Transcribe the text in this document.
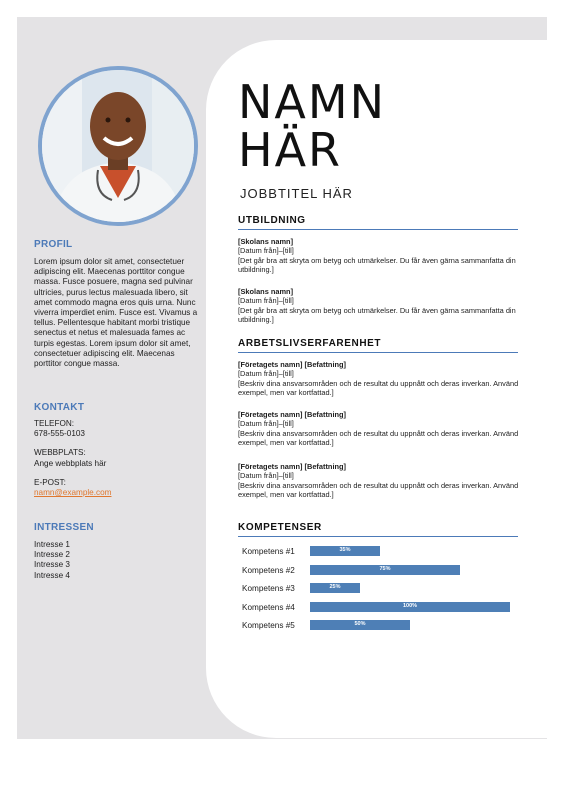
PROFIL
Lorem ipsum dolor sit amet, consectetuer adipiscing elit. Maecenas porttitor congue massa. Fusce posuere, magna sed pulvinar ultricies, purus lectus malesuada libero, sit amet commodo magna eros quis urna. Nunc viverra imperdiet enim. Fusce est. Vivamus a tellus. Pellentesque habitant morbi tristique senectus et netus et malesuada fames ac turpis egestas. Lorem ipsum dolor sit amet, consectetuer adipiscing elit. Maecenas porttitor congue massa.
KONTAKT
TELEFON:
678-555-0103
WEBBPLATS:
Ange webbplats här
E-POST:
namn@example.com
INTRESSEN
Intresse 1
Intresse 2
Intresse 3
Intresse 4
NAMN
HÄR
JOBBTITEL HÄR
UTBILDNING
[Skolans namn]
[Datum från]–[till]
[Det går bra att skryta om betyg och utmärkelser. Du får även gärna sammanfatta din utbildning.]
[Skolans namn]
[Datum från]–[till]
[Det går bra att skryta om betyg och utmärkelser. Du får även gärna sammanfatta din utbildning.]
ARBETSLIVSERFARENHET
[Företagets namn] [Befattning]
[Datum från]–[till]
[Beskriv dina ansvarsområden och de resultat du uppnått och deras inverkan. Använd exempel, men var kortfattad.]
[Företagets namn] [Befattning]
[Datum från]–[till]
[Beskriv dina ansvarsområden och de resultat du uppnått och deras inverkan. Använd exempel, men var kortfattad.]
[Företagets namn] [Befattning]
[Datum från]–[till]
[Beskriv dina ansvarsområden och de resultat du uppnått och deras inverkan. Använd exempel, men var kortfattad.]
KOMPETENSER
Kompetens #1	35%
Kompetens #2	75%
Kompetens #3	25%
Kompetens #4	100%
Kompetens #5	50%
